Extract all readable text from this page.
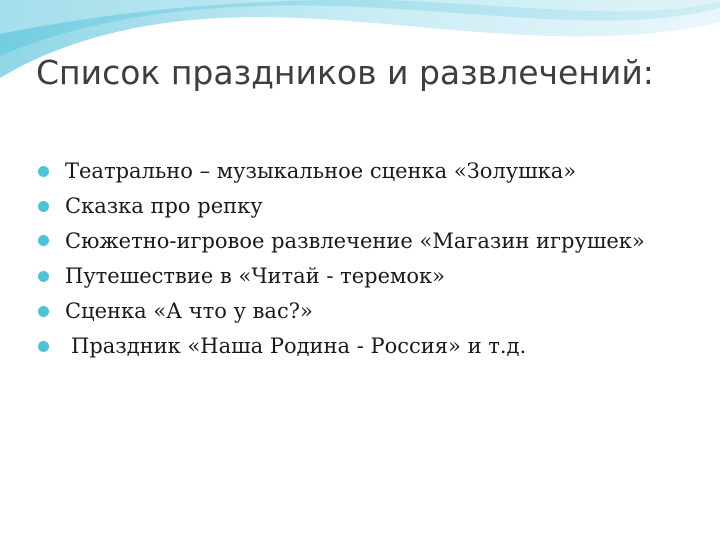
Список праздников и развлечений:
Театрально – музыкальное сценка «Золушка»
Сказка про репку
Сюжетно-игровое развлечение «Магазин игрушек»
Путешествие в «Читай - теремок»
Сценка «А что у вас?»
Праздник «Наша Родина - Россия» и т.д.
